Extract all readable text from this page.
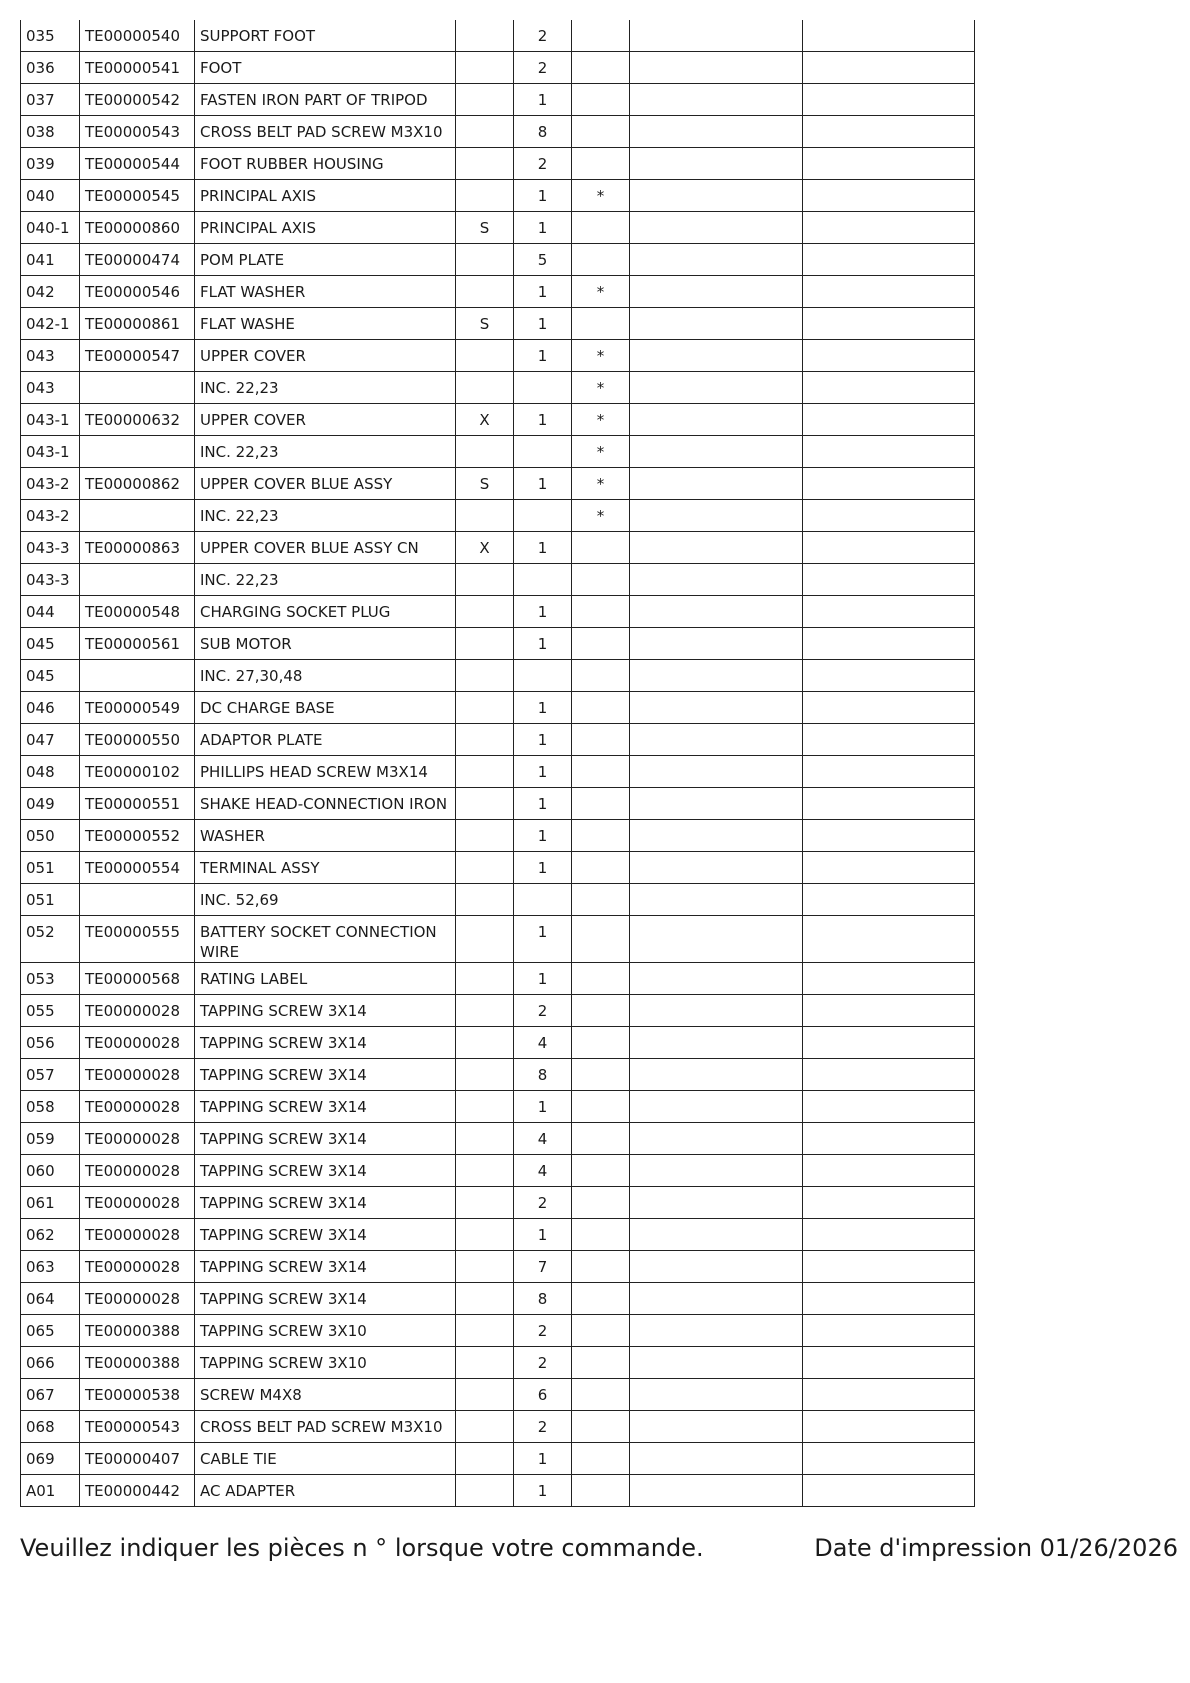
035	TE00000540	SUPPORT FOOT		2			
036	TE00000541	FOOT		2			
037	TE00000542	FASTEN IRON PART OF TRIPOD		1			
038	TE00000543	CROSS BELT PAD SCREW M3X10		8			
039	TE00000544	FOOT RUBBER HOUSING		2			
040	TE00000545	PRINCIPAL AXIS		1	*		
040-1	TE00000860	PRINCIPAL AXIS	S	1			
041	TE00000474	POM PLATE		5			
042	TE00000546	FLAT WASHER		1	*		
042-1	TE00000861	FLAT WASHE	S	1			
043	TE00000547	UPPER COVER		1	*		
043		INC. 22,23			*		
043-1	TE00000632	UPPER COVER	X	1	*		
043-1		INC. 22,23			*		
043-2	TE00000862	UPPER COVER BLUE ASSY	S	1	*		
043-2		INC. 22,23			*		
043-3	TE00000863	UPPER COVER BLUE ASSY CN	X	1			
043-3		INC. 22,23					
044	TE00000548	CHARGING SOCKET PLUG		1			
045	TE00000561	SUB MOTOR		1			
045		INC. 27,30,48					
046	TE00000549	DC CHARGE BASE		1			
047	TE00000550	ADAPTOR PLATE		1			
048	TE00000102	PHILLIPS HEAD SCREW M3X14		1			
049	TE00000551	SHAKE HEAD-CONNECTION IRON		1			
050	TE00000552	WASHER		1			
051	TE00000554	TERMINAL ASSY		1			
051		INC. 52,69					
052	TE00000555	BATTERY SOCKET CONNECTION WIRE		1			
053	TE00000568	RATING LABEL		1			
055	TE00000028	TAPPING SCREW 3X14		2			
056	TE00000028	TAPPING SCREW 3X14		4			
057	TE00000028	TAPPING SCREW 3X14		8			
058	TE00000028	TAPPING SCREW 3X14		1			
059	TE00000028	TAPPING SCREW 3X14		4			
060	TE00000028	TAPPING SCREW 3X14		4			
061	TE00000028	TAPPING SCREW 3X14		2			
062	TE00000028	TAPPING SCREW 3X14		1			
063	TE00000028	TAPPING SCREW 3X14		7			
064	TE00000028	TAPPING SCREW 3X14		8			
065	TE00000388	TAPPING SCREW 3X10		2			
066	TE00000388	TAPPING SCREW 3X10		2			
067	TE00000538	SCREW M4X8		6			
068	TE00000543	CROSS BELT PAD SCREW M3X10		2			
069	TE00000407	CABLE TIE		1			
A01	TE00000442	AC ADAPTER		1			
Veuillez indiquer les pièces n ° lorsque votre commande.	Date d'impression 01/26/2026
